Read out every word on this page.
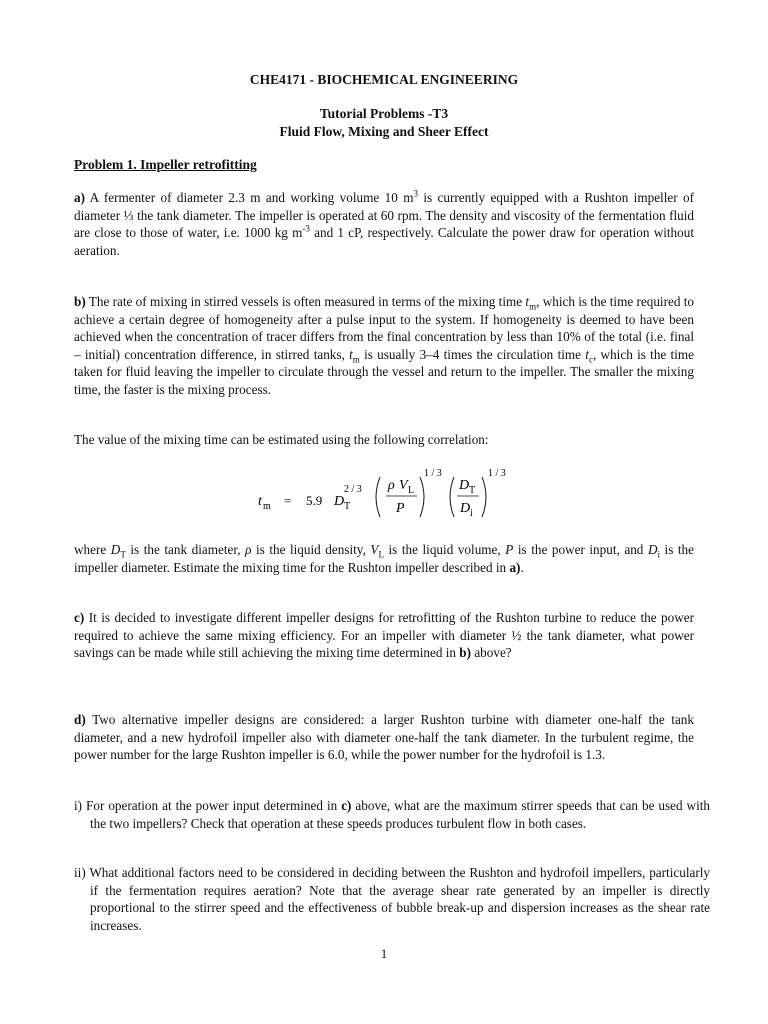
CHE4171 - BIOCHEMICAL ENGINEERING
Tutorial Problems -T3
Fluid Flow, Mixing and Sheer Effect
Problem 1. Impeller retrofitting

a) A fermenter of diameter 2.3 m and working volume 10 $m^3$ is currently equipped with a Rushton impeller of diameter ⅓ the tank diameter. The impeller is operated at 60 rpm. The density and viscosity of the fermentation fluid are close to those of water, i.e. 1000 kg $m^{-3}$ and 1 cP, respectively. Calculate the power draw for operation without aeration.

b) The rate of mixing in stirred vessels is often measured in terms of the mixing time $t_m$, which is the time required to achieve a certain degree of homogeneity after a pulse input to the system. If homogeneity is deemed to have been achieved when the concentration of tracer differs from the final concentration by less than 10% of the total (i.e. final – initial) concentration difference, in stirred tanks, $t_m$ is usually 3–4 times the circulation time $t_c$, which is the time taken for fluid leaving the impeller to circulate through the vessel and return to the impeller. The smaller the mixing time, the faster is the mixing process.

The value of the mixing time can be estimated using the following correlation:

t m = 5.9 D T
2 / 3 ρ V L
P
1 / 3
D T
D i
1 / 3

where $D_T$ is the tank diameter, ρ is the liquid density, $V_L$ is the liquid volume, P is the power input, and $D_i$ is the impeller diameter. Estimate the mixing time for the Rushton impeller described in a).

c) It is decided to investigate different impeller designs for retrofitting of the Rushton turbine to reduce the power required to achieve the same mixing efficiency. For an impeller with diameter ½ the tank diameter, what power savings can be made while still achieving the mixing time determined in b) above?

d) Two alternative impeller designs are considered: a larger Rushton turbine with diameter one-half the tank diameter, and a new hydrofoil impeller also with diameter one-half the tank diameter. In the turbulent regime, the power number for the large Rushton impeller is 6.0, while the power number for the hydrofoil is 1.3.

i) For operation at the power input determined in c) above, what are the maximum stirrer speeds that can be used with the two impellers? Check that operation at these speeds produces turbulent flow in both cases.

ii) What additional factors need to be considered in deciding between the Rushton and hydrofoil impellers, particularly if the fermentation requires aeration? Note that the average shear rate generated by an impeller is directly proportional to the stirrer speed and the effectiveness of bubble break-up and dispersion increases as the shear rate increases.

1
